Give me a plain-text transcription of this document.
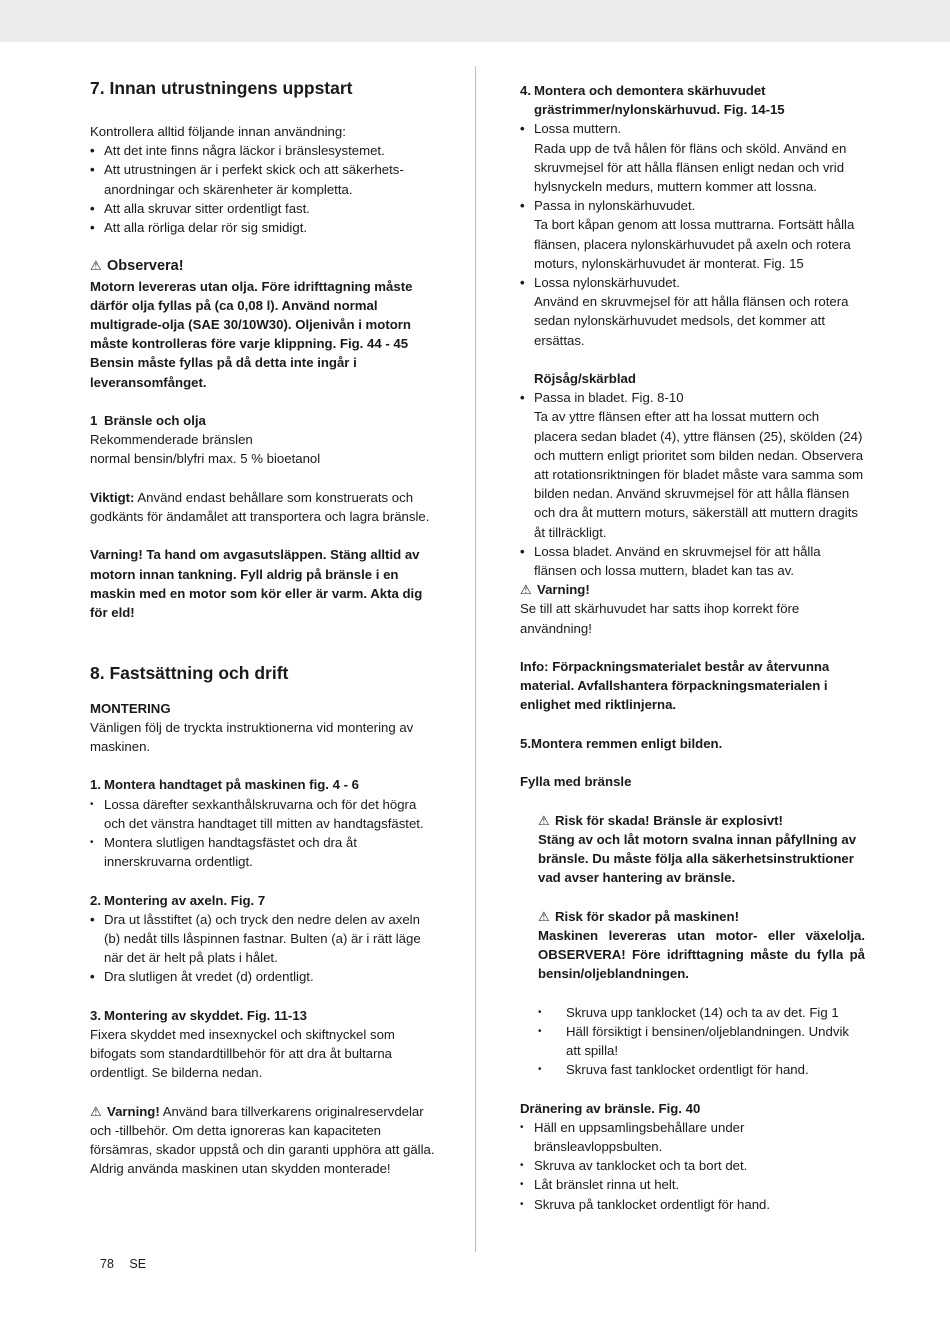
7. Innan utrustningens uppstart

Kontrollera alltid följande innan användning:

• Att det inte finns några läckor i bränslesystemet.
• Att utrustningen är i perfekt skick och att säkerhets-anordningar och skärenheter är kompletta.
• Att alla skruvar sitter ordentligt fast.
• Att alla rörliga delar rör sig smidigt.

⚠ Observera!

Motorn levereras utan olja. Före idrifttagning måste därför olja fyllas på (ca 0,08 l). Använd normal multigrade-olja (SAE 30/10W30). Oljenivån i motorn måste kontrolleras före varje klippning. Fig. 44 - 45 Bensin måste fyllas på då detta inte ingår i leveransomfånget.

1 Bränsle och olja

Rekommenderade bränslen

normal bensin/blyfri max. 5 % bioetanol

Viktigt: Använd endast behållare som konstruerats och godkänts för ändamålet att transportera och lagra bränsle.

Varning! Ta hand om avgasutsläppen. Stäng alltid av motorn innan tankning. Fyll aldrig på bränsle i en maskin med en motor som kör eller är varm. Akta dig för eld!

8. Fastsättning och drift

MONTERING

Vänligen följ de tryckta instruktionerna vid montering av maskinen.

1. Montera handtaget på maskinen fig. 4 - 6

• Lossa därefter sexkanthålskruvarna och för det högra och det vänstra handtaget till mitten av handtagsfästet.
• Montera slutligen handtagsfästet och dra åt innerskruvarna ordentligt.

2. Montering av axeln. Fig. 7

• Dra ut låsstiftet (a) och tryck den nedre delen av axeln (b) nedåt tills låspinnen fastnar. Bulten (a) är i rätt läge när det är helt på plats i hålet.
• Dra slutligen åt vredet (d) ordentligt.

3. Montering av skyddet. Fig. 11-13

Fixera skyddet med insexnyckel och skiftnyckel som bifogats som standardtillbehör för att dra åt bultarna ordentligt. Se bilderna nedan.

⚠ Varning! Använd bara tillverkarens originalreservdelar och -tillbehör. Om detta ignoreras kan kapaciteten försämras, skador uppstå och din garanti upphöra att gälla. Aldrig använda maskinen utan skydden monterade!

4. Montera och demontera skärhuvudet grästrimmer/nylonskärhuvud. Fig. 14-15

• Lossa muttern.
Rada upp de två hålen för fläns och sköld. Använd en skruvmejsel för att hålla flänsen enligt nedan och vrid hylsnyckeln medurs, muttern kommer att lossna.
• Passa in nylonskärhuvudet.
Ta bort kåpan genom att lossa muttrarna. Fortsätt hålla flänsen, placera nylonskärhuvudet på axeln och rotera moturs, nylonskärhuvudet är monterat. Fig. 15
• Lossa nylonskärhuvudet.
Använd en skruvmejsel för att hålla flänsen och rotera sedan nylonskärhuvudet medsols, det kommer att ersättas.

Röjsåg/skärblad

• Passa in bladet. Fig. 8-10
Ta av yttre flänsen efter att ha lossat muttern och placera sedan bladet (4), yttre flänsen (25), skölden (24) och muttern enligt prioritet som bilden nedan. Observera att rotationsriktningen för bladet måste vara samma som bilden nedan. Använd skruvmejsel för att hålla flänsen och dra åt muttern moturs, säkerställ att muttern dragits åt tillräckligt.
• Lossa bladet. Använd en skruvmejsel för att hålla flänsen och lossa muttern, bladet kan tas av.

⚠ Varning!

Se till att skärhuvudet har satts ihop korrekt före användning!

Info: Förpackningsmaterialet består av återvunna material. Avfallshantera förpackningsmaterialen i enlighet med riktlinjerna.

5.Montera remmen enligt bilden.

Fylla med bränsle

⚠ Risk för skada! Bränsle är explosivt!

Stäng av och låt motorn svalna innan påfyllning av bränsle. Du måste följa alla säkerhetsinstruktioner vad avser hantering av bränsle.

⚠ Risk för skador på maskinen!

Maskinen levereras utan motor- eller växelolja. OBSERVERA! Före idrifttagning måste du fylla på bensin/oljeblandningen.

• Skruva upp tanklocket (14) och ta av det. Fig 1
• Häll försiktigt i bensinen/oljeblandningen. Undvik att spilla!
• Skruva fast tanklocket ordentligt för hand.

Dränering av bränsle. Fig. 40

• Häll en uppsamlingsbehållare under bränsleavloppsbulten.
• Skruva av tanklocket och ta bort det.
• Låt bränslet rinna ut helt.
• Skruva på tanklocket ordentligt för hand.
78 SE
